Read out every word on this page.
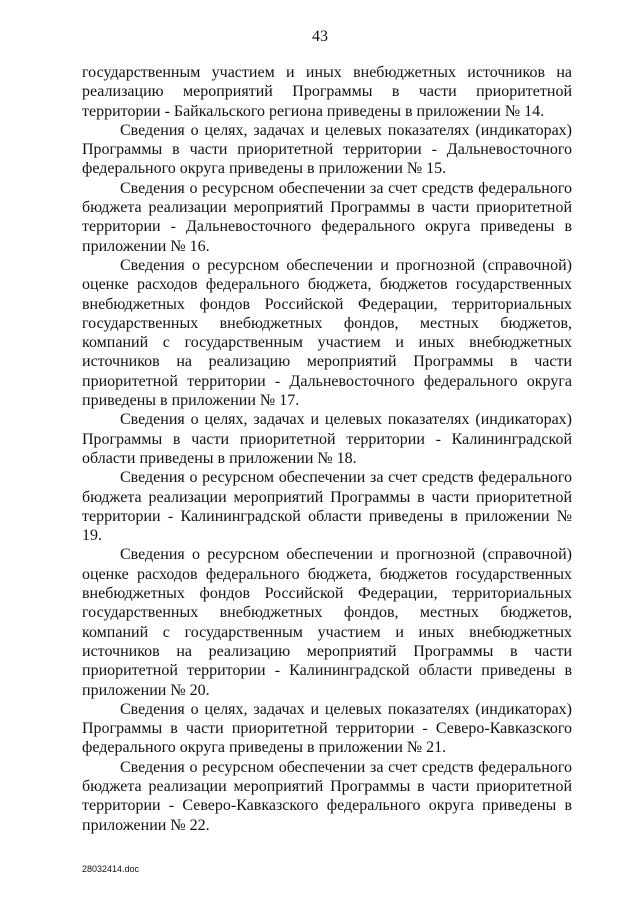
43

государственным участием и иных внебюджетных источников на реализацию мероприятий Программы в части приоритетной территории - Байкальского региона приведены в приложении № 14.

Сведения о целях, задачах и целевых показателях (индикаторах) Программы в части приоритетной территории - Дальневосточного федерального округа приведены в приложении № 15.

Сведения о ресурсном обеспечении за счет средств федерального бюджета реализации мероприятий Программы в части приоритетной территории - Дальневосточного федерального округа приведены в приложении № 16.

Сведения о ресурсном обеспечении и прогнозной (справочной) оценке расходов федерального бюджета, бюджетов государственных внебюджетных фондов Российской Федерации, территориальных государственных внебюджетных фондов, местных бюджетов, компаний с государственным участием и иных внебюджетных источников на реализацию мероприятий Программы в части приоритетной территории - Дальневосточного федерального округа приведены в приложении № 17.

Сведения о целях, задачах и целевых показателях (индикаторах) Программы в части приоритетной территории - Калининградской области приведены в приложении № 18.

Сведения о ресурсном обеспечении за счет средств федерального бюджета реализации мероприятий Программы в части приоритетной территории - Калининградской области приведены в приложении № 19.

Сведения о ресурсном обеспечении и прогнозной (справочной) оценке расходов федерального бюджета, бюджетов государственных внебюджетных фондов Российской Федерации, территориальных государственных внебюджетных фондов, местных бюджетов, компаний с государственным участием и иных внебюджетных источников на реализацию мероприятий Программы в части приоритетной территории - Калининградской области приведены в приложении № 20.

Сведения о целях, задачах и целевых показателях (индикаторах) Программы в части приоритетной территории - Северо-Кавказского федерального округа приведены в приложении № 21.

Сведения о ресурсном обеспечении за счет средств федерального бюджета реализации мероприятий Программы в части приоритетной территории - Северо-Кавказского федерального округа приведены в приложении № 22.

28032414.doc
